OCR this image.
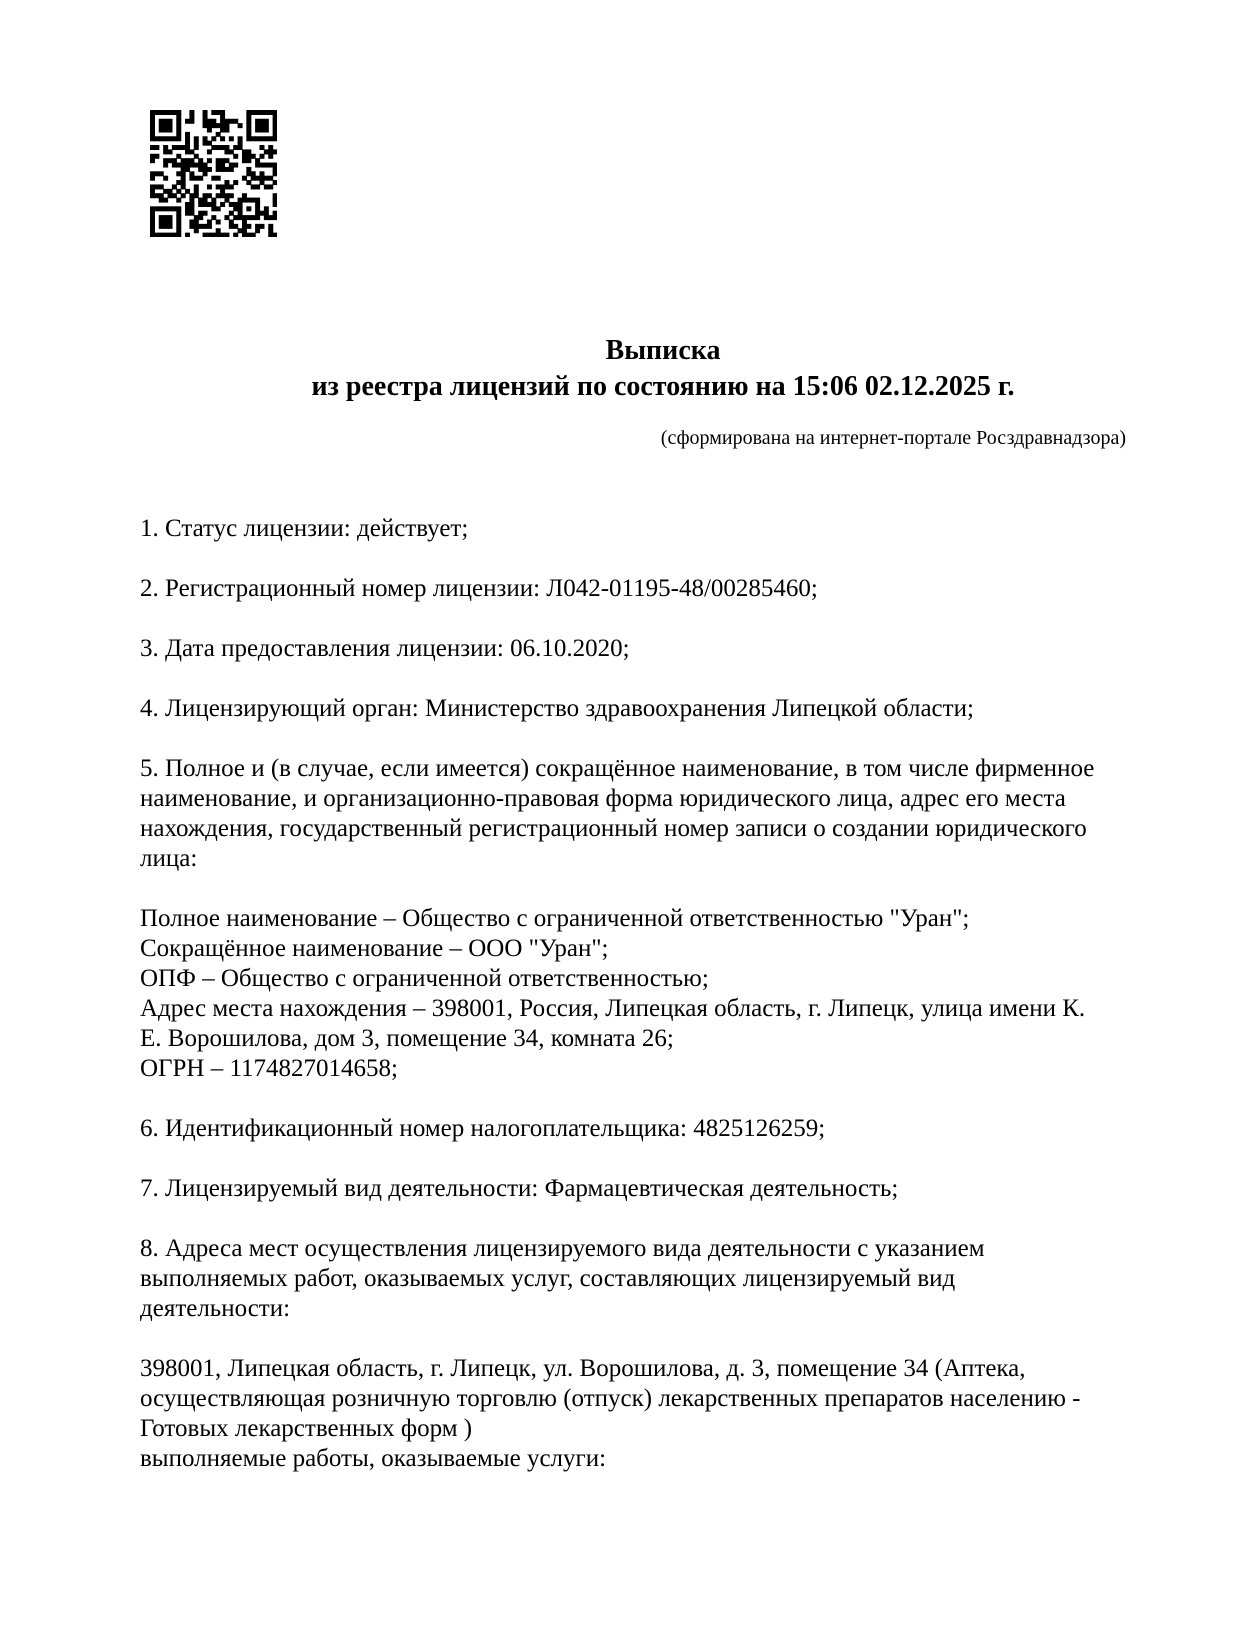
Выписка
из реестра лицензий по состоянию на 15:06 02.12.2025 г.
(сформирована на интернет-портале Росздравнадзора)
1. Статус лицензии: действует;
2. Регистрационный номер лицензии: Л042-01195-48/00285460;
3. Дата предоставления лицензии: 06.10.2020;
4. Лицензирующий орган: Министерство здравоохранения Липецкой области;
5. Полное и (в случае, если имеется) сокращённое наименование, в том числе фирменное наименование, и организационно-правовая форма юридического лица, адрес его места нахождения, государственный регистрационный номер записи о создании юридического лица:
Полное наименование – Общество с ограниченной ответственностью "Уран";
Сокращённое наименование – ООО "Уран";
ОПФ – Общество с ограниченной ответственностью;
Адрес места нахождения – 398001, Россия, Липецкая область, г. Липецк, улица имени К. Е. Ворошилова, дом 3, помещение 34, комната 26;
ОГРН – 1174827014658;
6. Идентификационный номер налогоплательщика: 4825126259;
7. Лицензируемый вид деятельности: Фармацевтическая деятельность;
8. Адреса мест осуществления лицензируемого вида деятельности с указанием выполняемых работ, оказываемых услуг, составляющих лицензируемый вид деятельности:
398001, Липецкая область, г. Липецк, ул. Ворошилова, д. 3, помещение 34 (Аптека, осуществляющая розничную торговлю (отпуск) лекарственных препаратов населению - Готовых лекарственных форм )
выполняемые работы, оказываемые услуги:
